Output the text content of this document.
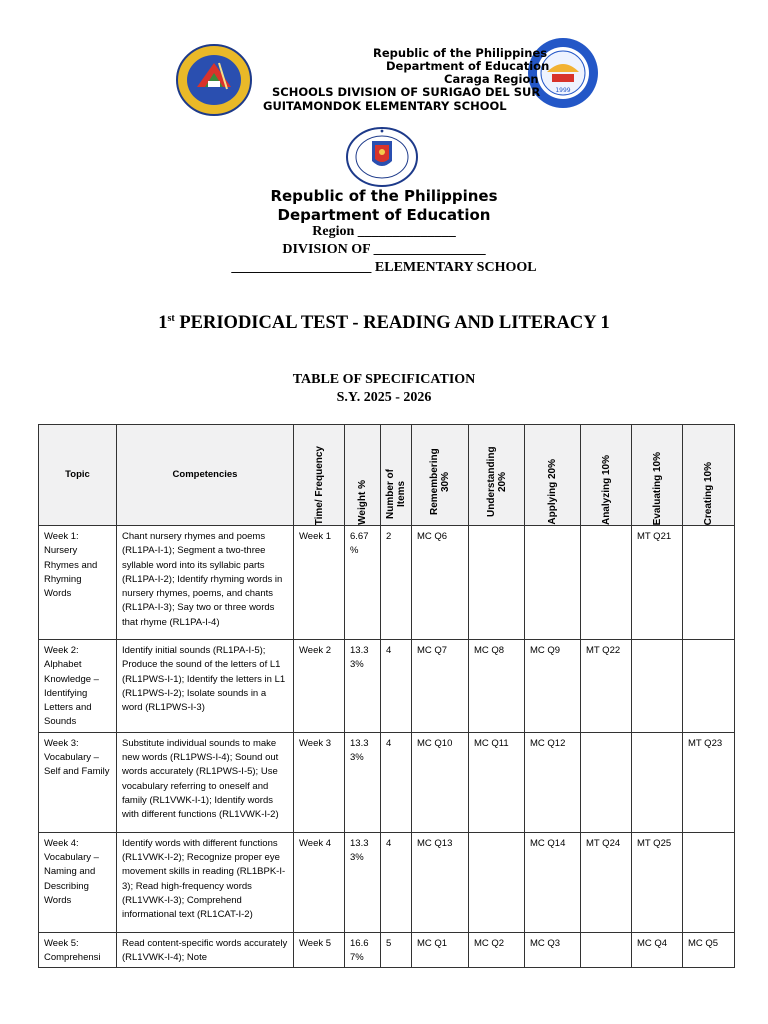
1999
Republic of the Philippines
Department of Education
Caraga Region
SCHOOLS DIVISION OF SURIGAO DEL SUR
GUITAMONDOK ELEMENTARY SCHOOL
Republic of the Philippines
Department of Education
Region ______________
DIVISION OF ________________
____________________ ELEMENTARY SCHOOL
1st PERIODICAL TEST - READING AND LITERACY 1
TABLE OF SPECIFICATION
S.Y. 2025 - 2026
Topic	Competencies	Time/ Frequency	Weight %	Number of Items	Remembering 30%	Understanding 20%	Applying 20%	Analyzing 10%	Evaluating 10%	Creating 10%

Week 1: Nursery Rhymes and Rhyming Words	Chant nursery rhymes and poems (RL1PA-I-1); Segment a two-three syllable word into its syllabic parts (RL1PA-I-2); Identify rhyming words in nursery rhymes, poems, and chants (RL1PA-I-3); Say two or three words that rhyme (RL1PA-I-4)	Week 1	6.67 %	2	MC Q6				MT Q21	
Week 2: Alphabet Knowledge – Identifying Letters and Sounds	Identify initial sounds (RL1PA-I-5); Produce the sound of the letters of L1 (RL1PWS-I-1); Identify the letters in L1 (RL1PWS-I-2); Isolate sounds in a word (RL1PWS-I-3)	Week 2	13.3 3%	4	MC Q7	MC Q8	MC Q9	MT Q22		
Week 3: Vocabulary – Self and Family	Substitute individual sounds to make new words (RL1PWS-I-4); Sound out words accurately (RL1PWS-I-5); Use vocabulary referring to oneself and family (RL1VWK-I-1); Identify words with different functions (RL1VWK-I-2)	Week 3	13.3 3%	4	MC Q10	MC Q11	MC Q12			MT Q23
Week 4: Vocabulary – Naming and Describing Words	Identify words with different functions (RL1VWK-I-2); Recognize proper eye movement skills in reading (RL1BPK-I-3); Read high-frequency words (RL1VWK-I-3); Comprehend informational text (RL1CAT-I-2)	Week 4	13.3 3%	4	MC Q13		MC Q14	MT Q24	MT Q25	
Week 5: Comprehensi	Read content-specific words accurately (RL1VWK-I-4); Note	Week 5	16.6 7%	5	MC Q1	MC Q2	MC Q3		MC Q4	MC Q5
